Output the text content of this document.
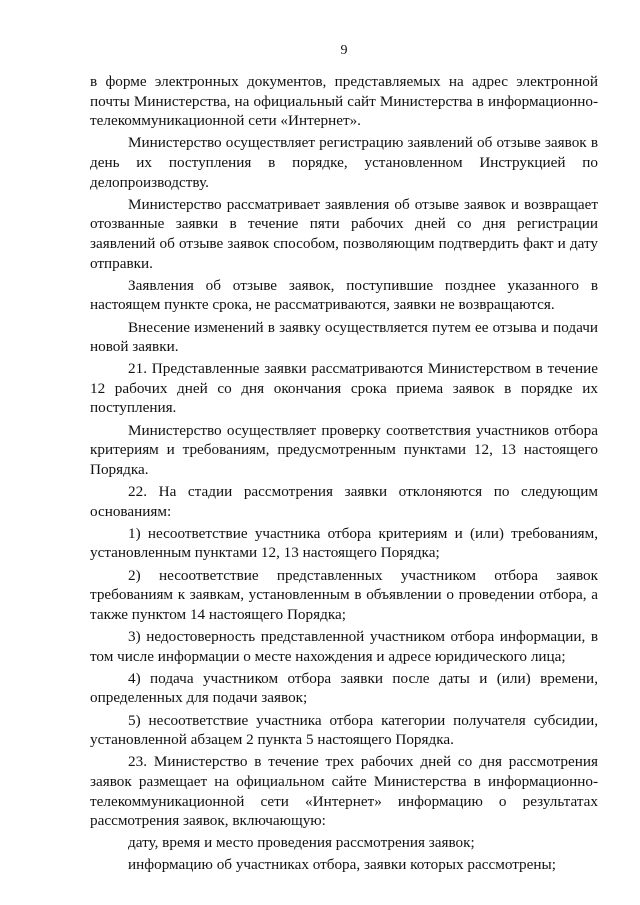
9

в форме электронных документов, представляемых на адрес электронной почты Министерства, на официальный сайт Министерства в информационно-телекоммуникационной сети «Интернет».

Министерство осуществляет регистрацию заявлений об отзыве заявок в день их поступления в порядке, установленном Инструкцией по делопроизводству.

Министерство рассматривает заявления об отзыве заявок и возвращает отозванные заявки в течение пяти рабочих дней со дня регистрации заявлений об отзыве заявок способом, позволяющим подтвердить факт и дату отправки.

Заявления об отзыве заявок, поступившие позднее указанного в настоящем пункте срока, не рассматриваются, заявки не возвращаются.

Внесение изменений в заявку осуществляется путем ее отзыва и подачи новой заявки.

21. Представленные заявки рассматриваются Министерством в течение 12 рабочих дней со дня окончания срока приема заявок в порядке их поступления.

Министерство осуществляет проверку соответствия участников отбора критериям и требованиям, предусмотренным пунктами 12, 13 настоящего Порядка.

22. На стадии рассмотрения заявки отклоняются по следующим основаниям:

1) несоответствие участника отбора критериям и (или) требованиям, установленным пунктами 12, 13 настоящего Порядка;

2) несоответствие представленных участником отбора заявок требованиям к заявкам, установленным в объявлении о проведении отбора, а также пунктом 14 настоящего Порядка;

3) недостоверность представленной участником отбора информации, в том числе информации о месте нахождения и адресе юридического лица;

4) подача участником отбора заявки после даты и (или) времени, определенных для подачи заявок;

5) несоответствие участника отбора категории получателя субсидии, установленной абзацем 2 пункта 5 настоящего Порядка.

23. Министерство в течение трех рабочих дней со дня рассмотрения заявок размещает на официальном сайте Министерства в информационно-телекоммуникационной сети «Интернет» информацию о результатах рассмотрения заявок, включающую:

дату, время и место проведения рассмотрения заявок;

информацию об участниках отбора, заявки которых рассмотрены;
